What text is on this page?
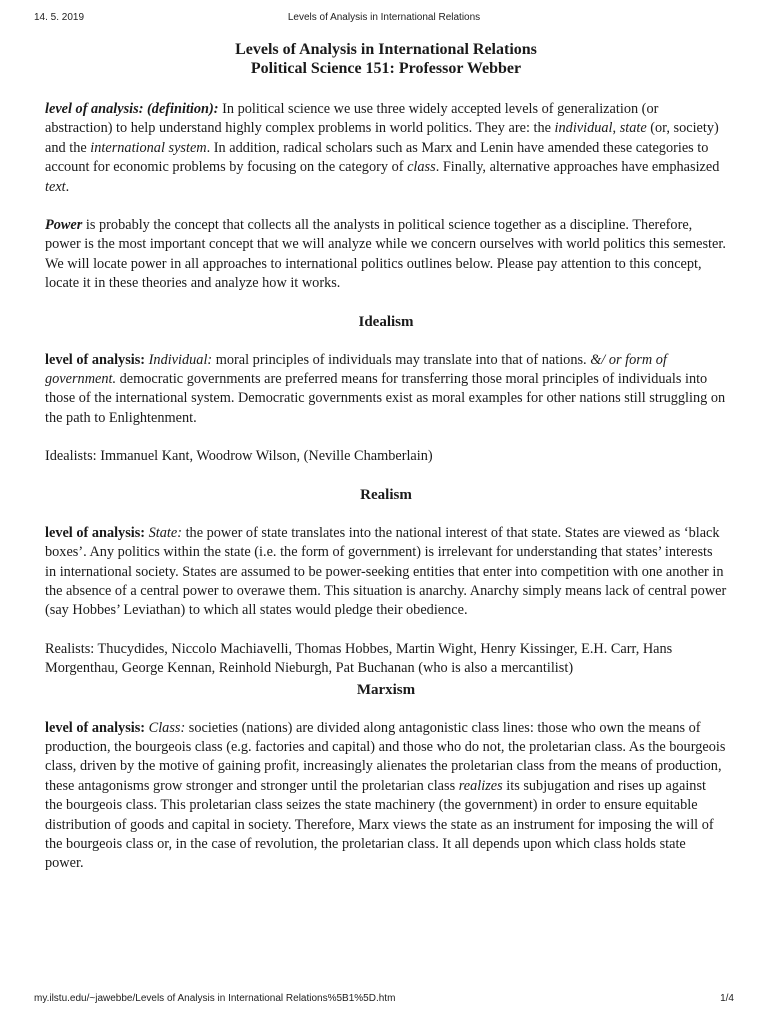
14. 5. 2019	Levels of Analysis in International Relations
Levels of Analysis in International Relations
Political Science 151: Professor Webber

level of analysis: (definition): In political science we use three widely accepted levels of generalization (or abstraction) to help understand highly complex problems in world politics. They are: the individual, state (or, society) and the international system. In addition, radical scholars such as Marx and Lenin have amended these categories to account for economic problems by focusing on the category of class. Finally, alternative approaches have emphasized text.

Power is probably the concept that collects all the analysts in political science together as a discipline. Therefore, power is the most important concept that we will analyze while we concern ourselves with world politics this semester. We will locate power in all approaches to international politics outlines below. Please pay attention to this concept, locate it in these theories and analyze how it works.

Idealism

level of analysis: Individual: moral principles of individuals may translate into that of nations. &/ or form of government. democratic governments are preferred means for transferring those moral principles of individuals into those of the international system. Democratic governments exist as moral examples for other nations still struggling on the path to Enlightenment.

Idealists: Immanuel Kant, Woodrow Wilson, (Neville Chamberlain)

Realism

level of analysis: State: the power of state translates into the national interest of that state. States are viewed as ‘black boxes’. Any politics within the state (i.e. the form of government) is irrelevant for understanding that states’ interests in international society. States are assumed to be power-seeking entities that enter into competition with one another in the absence of a central power to overawe them. This situation is anarchy. Anarchy simply means lack of central power (say Hobbes’ Leviathan) to which all states would pledge their obedience.

Realists: Thucydides, Niccolo Machiavelli, Thomas Hobbes, Martin Wight, Henry Kissinger, E.H. Carr, Hans Morgenthau, George Kennan, Reinhold Nieburgh, Pat Buchanan (who is also a mercantilist)

Marxism

level of analysis: Class: societies (nations) are divided along antagonistic class lines: those who own the means of production, the bourgeois class (e.g. factories and capital) and those who do not, the proletarian class. As the bourgeois class, driven by the motive of gaining profit, increasingly alienates the proletarian class from the means of production, these antagonisms grow stronger and stronger until the proletarian class realizes its subjugation and rises up against the bourgeois class. This proletarian class seizes the state machinery (the government) in order to ensure equitable distribution of goods and capital in society. Therefore, Marx views the state as an instrument for imposing the will of the bourgeois class or, in the case of revolution, the proletarian class. It all depends upon which class holds state power.

my.ilstu.edu/~jawebbe/Levels of Analysis in International Relations%5B1%5D.htm	1/4
